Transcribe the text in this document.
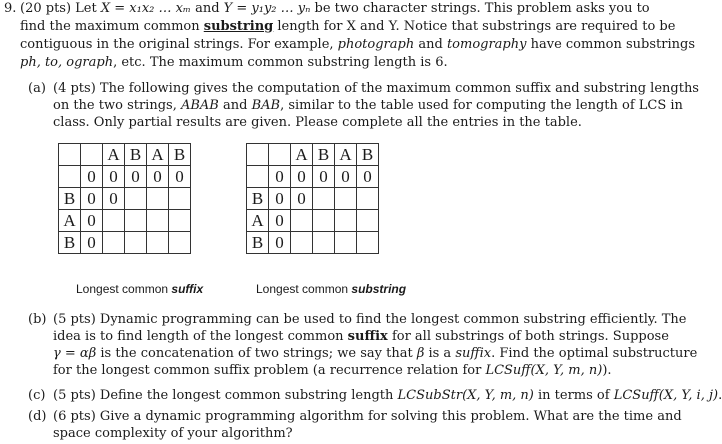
9. (20 pts) Let X = x₁x₂ … xₘ and Y = y₁y₂ … yₙ be two character strings. This problem asks you to
find the maximum common substring length for X and Y. Notice that substrings are required to be
contiguous in the original strings. For example, photograph and tomography have common substrings
ph, to, ograph, etc. The maximum common substring length is 6.
(a) (4 pts) The following gives the computation of the maximum common suffix and substring lengths
on the two strings, ABAB and BAB, similar to the table used for computing the length of LCS in
class. Only partial results are given. Please complete all the entries in the table.
		A	B	A	B
	0	0	0	0	0
B	0	0			
A	0				
B	0				
Longest common suffix
		A	B	A	B
	0	0	0	0	0
B	0	0			
A	0				
B	0				
Longest common substring
(b) (5 pts) Dynamic programming can be used to find the longest common substring efficiently. The
idea is to find length of the longest common suffix for all substrings of both strings. Suppose
γ = αβ is the concatenation of two strings; we say that β is a suffix. Find the optimal substructure
for the longest common suffix problem (a recurrence relation for LCSuff(X, Y, m, n)).
(c) (5 pts) Define the longest common substring length LCSubStr(X, Y, m, n) in terms of LCSuff(X, Y, i, j).
(d) (6 pts) Give a dynamic programming algorithm for solving this problem. What are the time and
space complexity of your algorithm?
